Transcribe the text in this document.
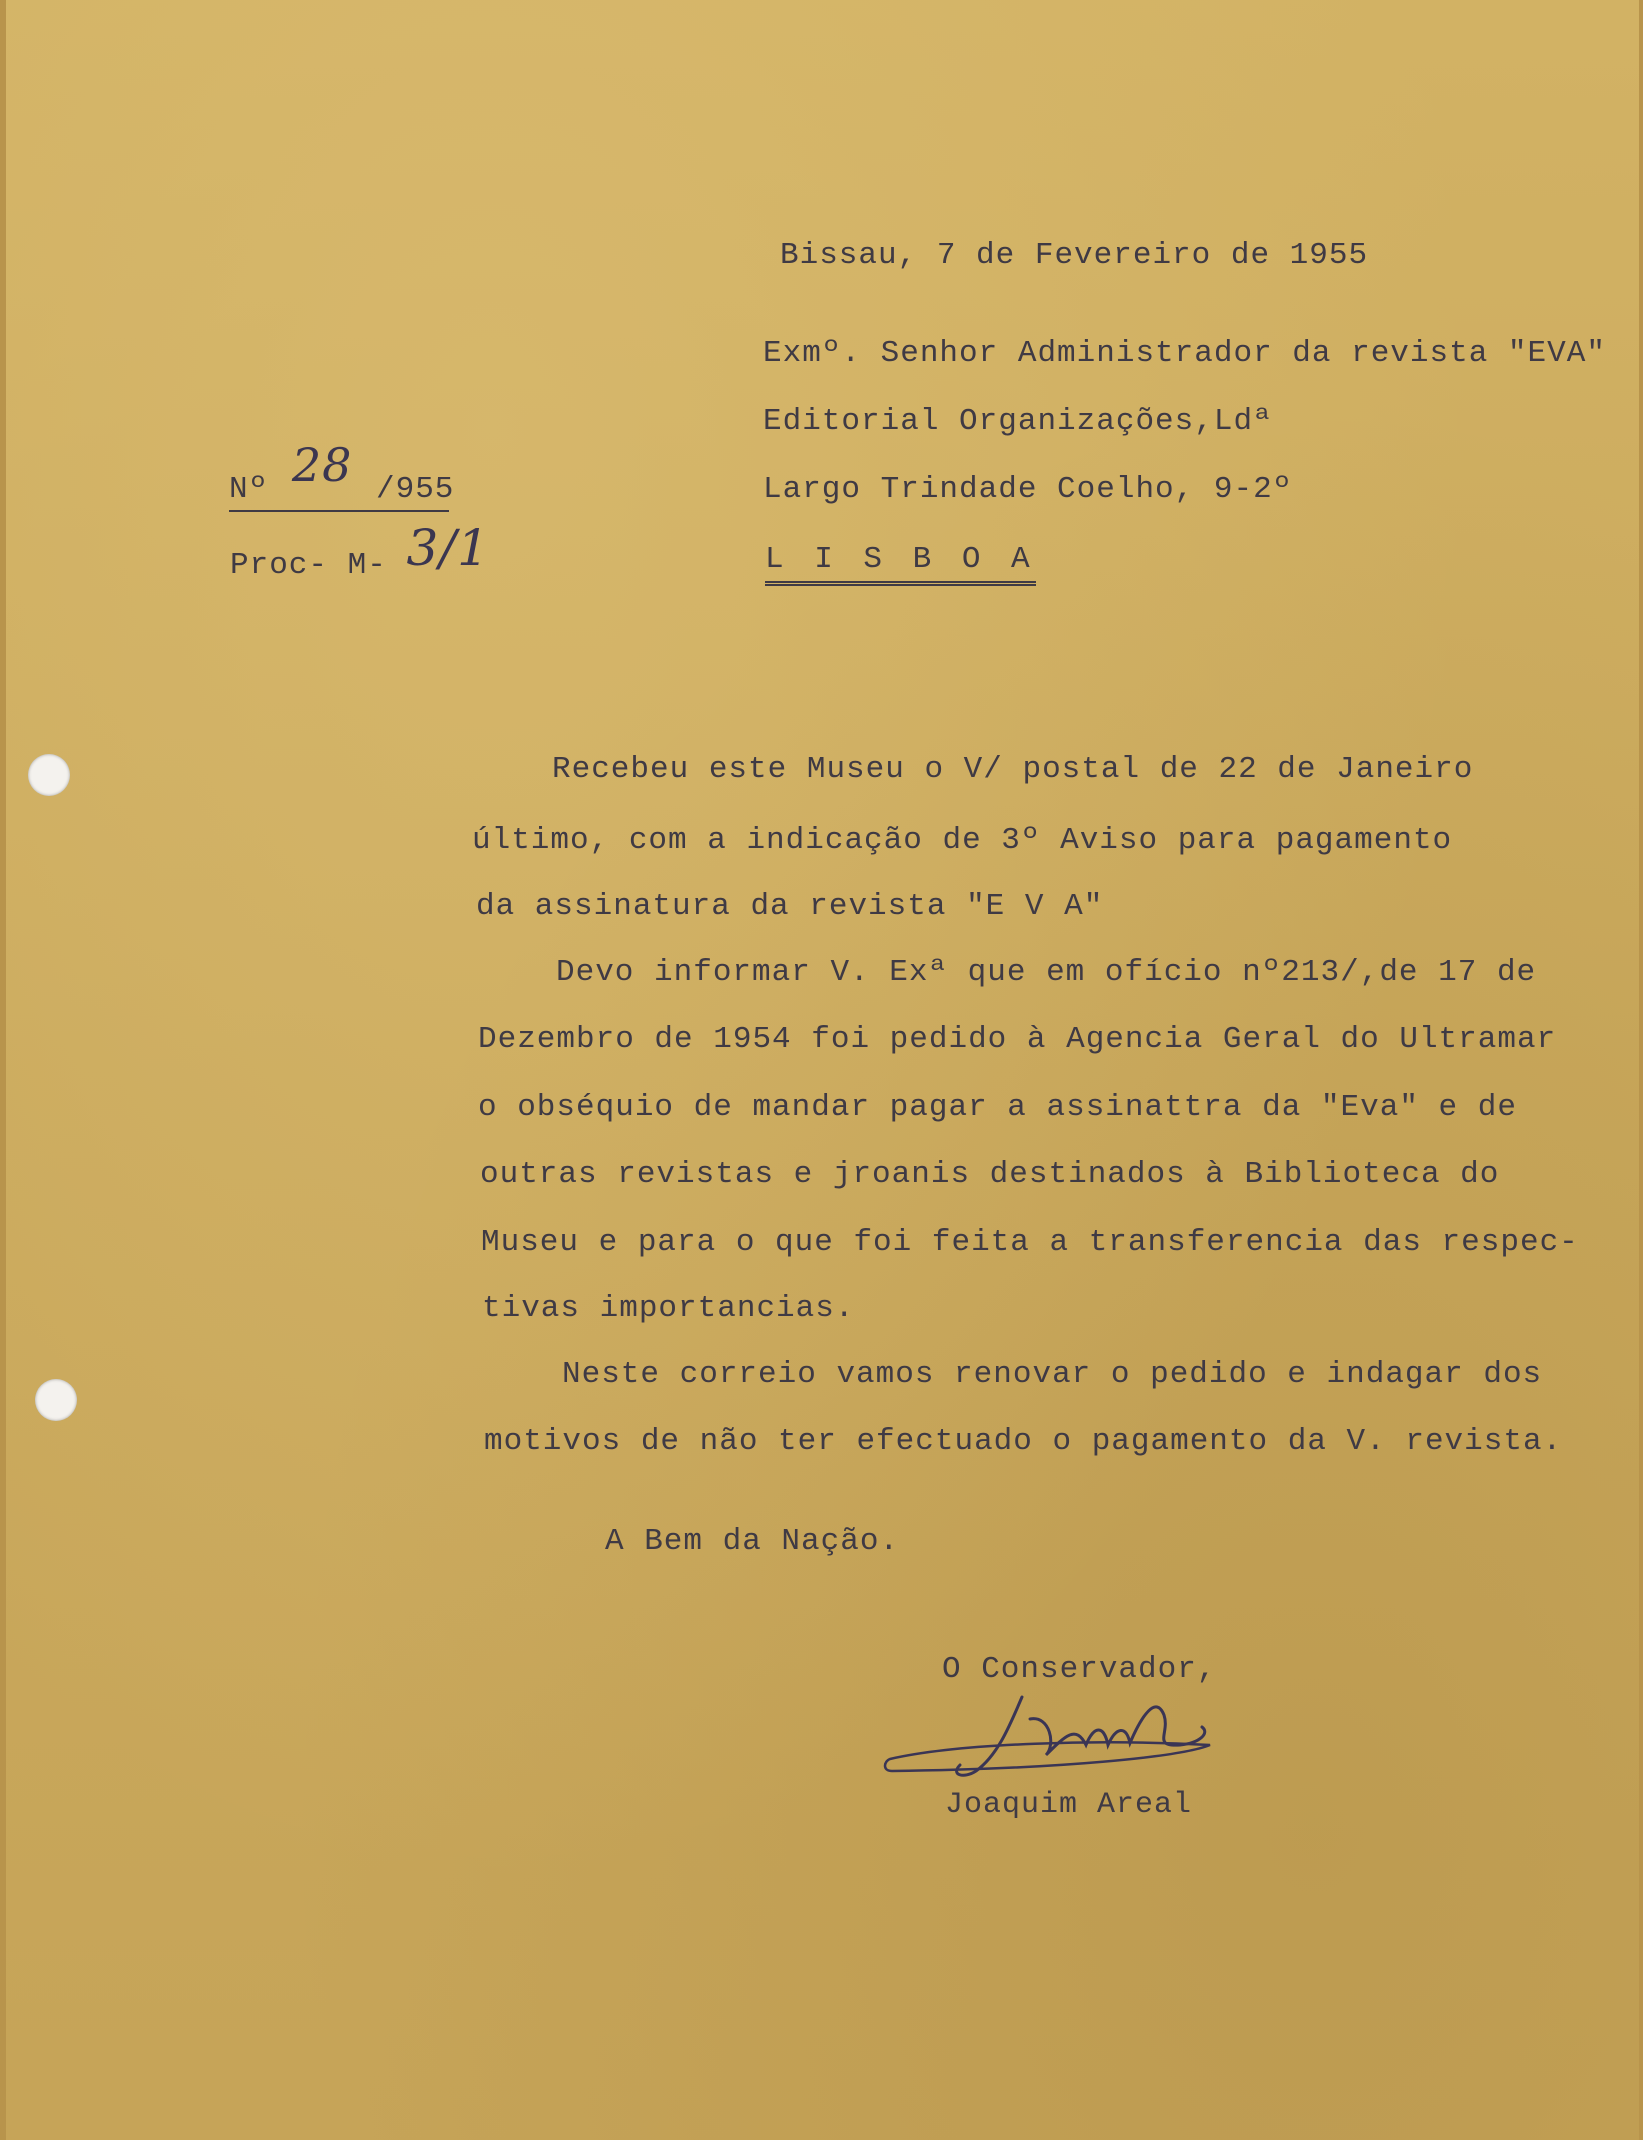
Bissau, 7 de Fevereiro de 1955
Exmº. Senhor Administrador da revista "EVA"
Editorial Organizações,Ldª
Largo Trindade Coelho, 9-2º
L I S B O A
Nº 28 /955
Proc- M- 3/1
Recebeu este Museu o V/ postal de 22 de Janeiro
último, com a indicação de 3º Aviso para pagamento
da assinatura da revista "E V A"
Devo informar V. Exª que em ofício nº213/,de 17 de
Dezembro de 1954 foi pedido à Agencia Geral do Ultramar
o obséquio de mandar pagar a assinattra da "Eva" e de
outras revistas e jroanis destinados à Biblioteca do
Museu e para o que foi feita a transferencia das respec-
tivas importancias.
Neste correio vamos renovar o pedido e indagar dos
motivos de não ter efectuado o pagamento da V. revista.
A Bem da Nação.
O Conservador,
Joaquim Areal
